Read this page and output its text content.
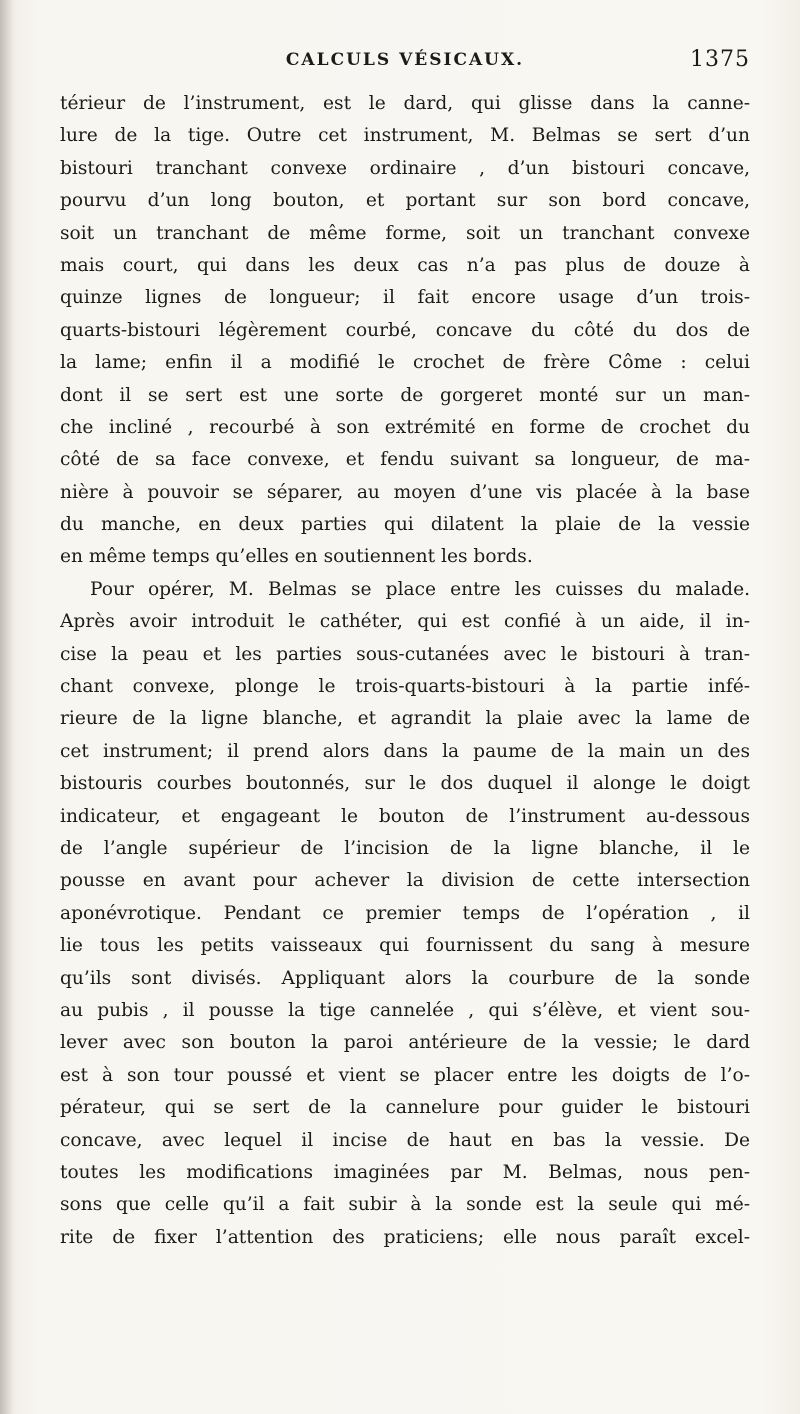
CALCULS VÉSICAUX.	1375
térieur de l’instrument, est le dard, qui glisse dans la canne-
lure de la tige. Outre cet instrument, M. Belmas se sert d’un
bistouri tranchant convexe ordinaire , d’un bistouri concave,
pourvu d’un long bouton, et portant sur son bord concave,
soit un tranchant de même forme, soit un tranchant convexe
mais court, qui dans les deux cas n’a pas plus de douze à
quinze lignes de longueur; il fait encore usage d’un trois-
quarts-bistouri légèrement courbé, concave du côté du dos de
la lame; enfin il a modifié le crochet de frère Côme : celui
dont il se sert est une sorte de gorgeret monté sur un man-
che incliné , recourbé à son extrémité en forme de crochet du
côté de sa face convexe, et fendu suivant sa longueur, de ma-
nière à pouvoir se séparer, au moyen d’une vis placée à la base
du manche, en deux parties qui dilatent la plaie de la vessie
en même temps qu’elles en soutiennent les bords.
Pour opérer, M. Belmas se place entre les cuisses du malade.
Après avoir introduit le cathéter, qui est confié à un aide, il in-
cise la peau et les parties sous-cutanées avec le bistouri à tran-
chant convexe, plonge le trois-quarts-bistouri à la partie infé-
rieure de la ligne blanche, et agrandit la plaie avec la lame de
cet instrument; il prend alors dans la paume de la main un des
bistouris courbes boutonnés, sur le dos duquel il alonge le doigt
indicateur, et engageant le bouton de l’instrument au-dessous
de l’angle supérieur de l’incision de la ligne blanche, il le
pousse en avant pour achever la division de cette intersection
aponévrotique. Pendant ce premier temps de l’opération , il
lie tous les petits vaisseaux qui fournissent du sang à mesure
qu’ils sont divisés. Appliquant alors la courbure de la sonde
au pubis , il pousse la tige cannelée , qui s’élève, et vient sou-
lever avec son bouton la paroi antérieure de la vessie; le dard
est à son tour poussé et vient se placer entre les doigts de l’o-
pérateur, qui se sert de la cannelure pour guider le bistouri
concave, avec lequel il incise de haut en bas la vessie. De
toutes les modifications imaginées par M. Belmas, nous pen-
sons que celle qu’il a fait subir à la sonde est la seule qui mé-
rite de fixer l’attention des praticiens; elle nous paraît excel-
